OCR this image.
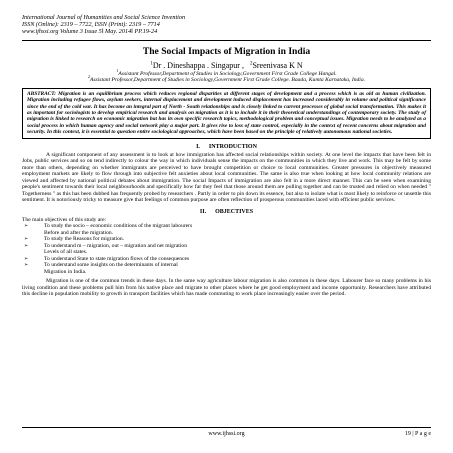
International Journal of Humanities and Social Science Invention
ISSN (Online): 2319 – 7722, ISSN (Print): 2319 – 7714
www.ijhssi.org Volume 3 Issue 5ǁ May. 2014ǁ PP.19-24
The Social Impacts of Migration in India
$^1$Dr . Dineshappa . Singapur , $^2$Sreenivasa K N
$^1$Assistant Professor,Department of Studies in Sociology,Government First Grade College Hangal.
$^2$Assistant Professor,Department of Studies in Sociology,Government First Grade College. Baada, Kumta Karnataka, India.
ABSTRACT: Migration is an equilibrium process which reduces regional disparities at different stages of development and a process which is as old as human civilization. Migration including refugee flows, asylum seekers, internal displacement and development induced displacement has increased considerably in volume and political significance since the end of the cold war. It has become an integral part of North - South relationships and is closely linked to current processes of global social transformation. This makes it as important for sociologists to develop empirical research and analysis on migration as it is to include it in their theoretical understandings of contemporary society. The study of migration is linked to research on economic migration but has its own specific research topics, methodological problem and conceptual issues. Migration needs to be analyzed as a social process in which human agency and social network play a major part. It gives rise to loss of state control, especially in the context of recent concerns about migration and security. In this context, it is essential to question entire sociological approaches, which have been based on the principle of relatively autonomous national societies.
I.      INTRODUCTION
A significant component of any assessment is to look at how immigration has affected social relationships within society. At one level the impacts that have been felt in Jobs, public services and so on tend indirectly to colour the way in which individuals sense the impacts on the communities in which they live and work. This may be felt by some more than others, depending on whether immigrants are perceived to have brought competition or choice to local communities. Greater pressures in objectively measured employment markets are likely to flow through into subjective felt anxieties about local communities. The same is also true when looking at how local community relations are viewed and affected by national political debates about immigration. The social Impacts of immigration are also felt in a more direct manner. This can be seen when examining people's sentiment towards their local neighbourhoods and specifically how far they feel that those around them are pulling together and can be trusted and relied on when needed " Togetherness " as this has been dubbed has frequently probed by researchers . Partly in order to pin down its essence, but also to isolate what is most likely to reinforce or unsettle this sentiment. It is notoriously tricky to measure give that feelings of common purpose are often reflection of prosperous communities laced with efficient public services.
II.      OBJECTIVES
The main objectives of this study are:
➢	To study the socio – economic conditions of the migrant labourers
Before and after the migration.
➢	To study the Reasons for migration.
➢	To understand m – migration, out – migration and net migration
Levels of all states.
➢	To understand State to state migration flows of the consequences
➢	To understand some insights on the determinants of internal
Migration in India.
Migration is one of the common trends in these days. In the same way agriculture labour migration is also common in these days. Labourer face so many problems in his living condition and these problems pull him from his native place and migrate to other places where he get good employment and income opportunity. Researchers have attributed this decline in population mobility to growth in transport facilities which has made commuting to work place increasingly easier over the period.
www.ijhssi.org	19 | P a g e
